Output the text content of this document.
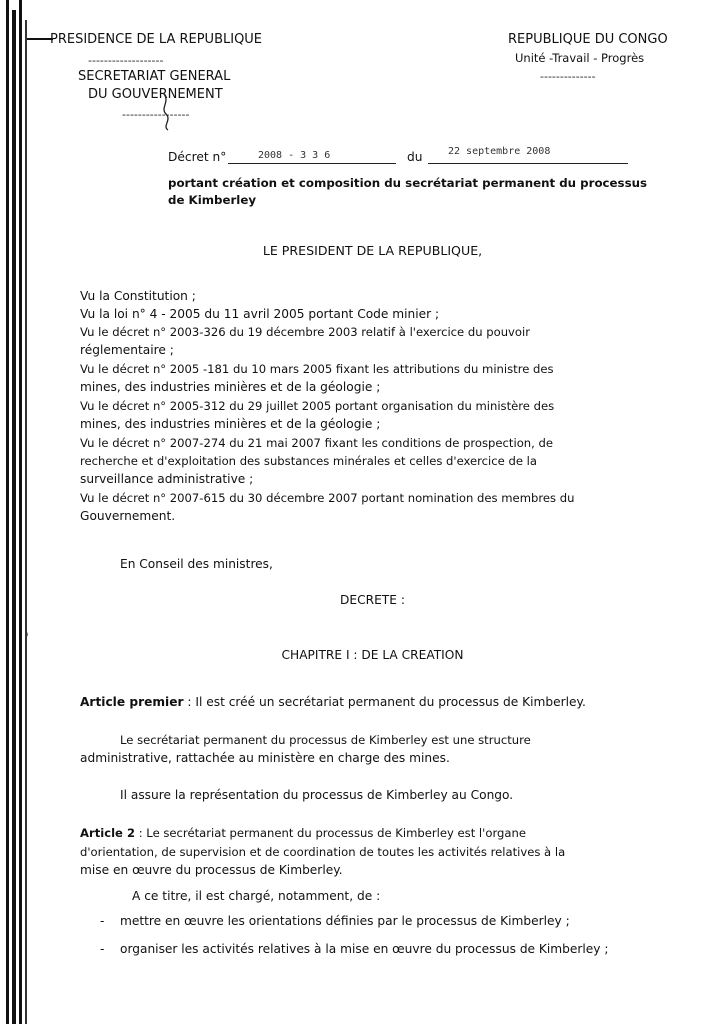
PRESIDENCE DE LA REPUBLIQUE
-------------------
SECRETARIAT GENERAL
DU GOUVERNEMENT
-----------------
REPUBLIQUE DU CONGO
Unité -Travail - Progrès
--------------
Décret n°	2008 - 3 3 6	du	22 septembre 2008
portant création et composition du secrétariat permanent du processus
de Kimberley
LE PRESIDENT DE LA REPUBLIQUE,
Vu la Constitution ;
Vu la loi n° 4 - 2005 du 11 avril 2005 portant Code minier ;
Vu le décret n° 2003-326 du 19 décembre 2003 relatif à l'exercice du pouvoir
réglementaire ;
Vu le décret n° 2005 -181 du 10 mars 2005 fixant les attributions du ministre des
mines, des industries minières et de la géologie ;
Vu le décret n° 2005-312 du 29 juillet 2005 portant organisation du ministère des
mines, des industries minières et de la géologie ;
Vu le décret n° 2007-274 du 21 mai 2007 fixant les conditions de prospection, de
recherche et d'exploitation des substances minérales et celles d'exercice de la
surveillance administrative ;
Vu le décret n° 2007-615 du 30 décembre 2007 portant nomination des membres du
Gouvernement.
En Conseil des ministres,
DECRETE :
ˈ
CHAPITRE I : DE LA CREATION
Article premier : Il est créé un secrétariat permanent du processus de Kimberley.
Le secrétariat permanent du processus de Kimberley est une structure
administrative, rattachée au ministère en charge des mines.
Il assure la représentation du processus de Kimberley au Congo.
Article 2 : Le secrétariat permanent du processus de Kimberley est l'organe
d'orientation, de supervision et de coordination de toutes les activités relatives à la
mise en œuvre du processus de Kimberley.
A ce titre, il est chargé, notamment, de :
- mettre en œuvre les orientations définies par le processus de Kimberley ;
- organiser les activités relatives à la mise en œuvre du processus de Kimberley ;
